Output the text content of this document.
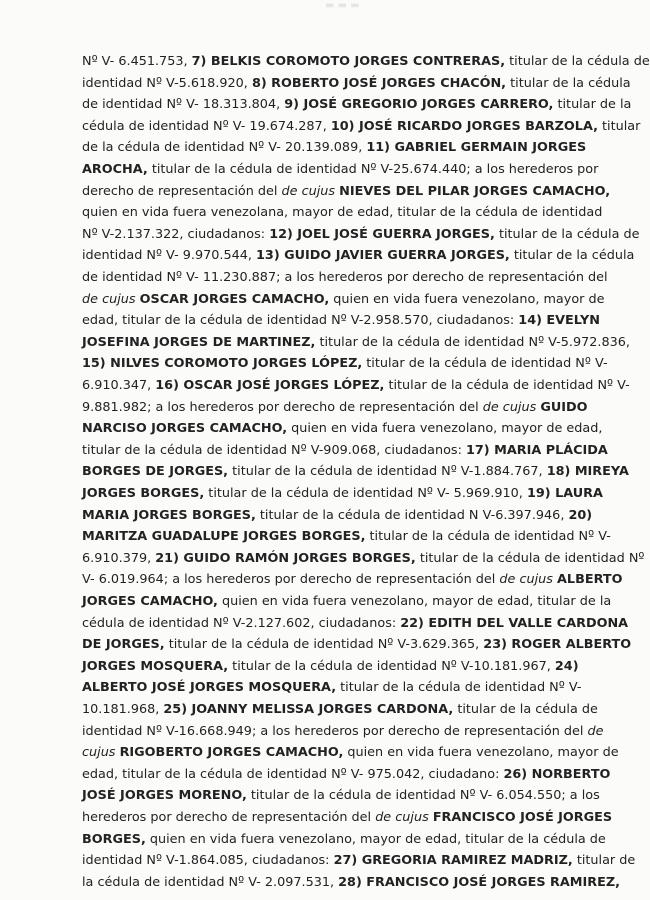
▬ ▬ ▬
Nº V- 6.451.753, 7) BELKIS COROMOTO JORGES CONTRERAS, titular de la cédula de
identidad Nº V-5.618.920, 8) ROBERTO JOSÉ JORGES CHACÓN, titular de la cédula
de identidad Nº V- 18.313.804, 9) JOSÉ GREGORIO JORGES CARRERO, titular de la
cédula de identidad Nº V- 19.674.287, 10) JOSÉ RICARDO JORGES BARZOLA, titular
de la cédula de identidad Nº V- 20.139.089, 11) GABRIEL GERMAIN JORGES
AROCHA, titular de la cédula de identidad Nº V-25.674.440; a los herederos por
derecho de representación del de cujus NIEVES DEL PILAR JORGES CAMACHO,
quien en vida fuera venezolana, mayor de edad, titular de la cédula de identidad
Nº V-2.137.322, ciudadanos: 12) JOEL JOSÉ GUERRA JORGES, titular de la cédula de
identidad Nº V- 9.970.544, 13) GUIDO JAVIER GUERRA JORGES, titular de la cédula
de identidad Nº V- 11.230.887; a los herederos por derecho de representación del
de cujus OSCAR JORGES CAMACHO, quien en vida fuera venezolano, mayor de
edad, titular de la cédula de identidad Nº V-2.958.570, ciudadanos: 14) EVELYN
JOSEFINA JORGES DE MARTINEZ, titular de la cédula de identidad Nº V-5.972.836,
15) NILVES COROMOTO JORGES LÓPEZ, titular de la cédula de identidad Nº V-
6.910.347, 16) OSCAR JOSÉ JORGES LÓPEZ, titular de la cédula de identidad Nº V-
9.881.982; a los herederos por derecho de representación del de cujus GUIDO
NARCISO JORGES CAMACHO, quien en vida fuera venezolano, mayor de edad,
titular de la cédula de identidad Nº V-909.068, ciudadanos: 17) MARIA PLÁCIDA
BORGES DE JORGES, titular de la cédula de identidad Nº V-1.884.767, 18) MIREYA
JORGES BORGES, titular de la cédula de identidad Nº V- 5.969.910, 19) LAURA
MARIA JORGES BORGES, titular de la cédula de identidad N V-6.397.946, 20)
MARITZA GUADALUPE JORGES BORGES, titular de la cédula de identidad Nº V-
6.910.379, 21) GUIDO RAMÓN JORGES BORGES, titular de la cédula de identidad Nº
V- 6.019.964; a los herederos por derecho de representación del de cujus ALBERTO
JORGES CAMACHO, quien en vida fuera venezolano, mayor de edad, titular de la
cédula de identidad Nº V-2.127.602, ciudadanos: 22) EDITH DEL VALLE CARDONA
DE JORGES, titular de la cédula de identidad Nº V-3.629.365, 23) ROGER ALBERTO
JORGES MOSQUERA, titular de la cédula de identidad Nº V-10.181.967, 24)
ALBERTO JOSÉ JORGES MOSQUERA, titular de la cédula de identidad Nº V-
10.181.968, 25) JOANNY MELISSA JORGES CARDONA, titular de la cédula de
identidad Nº V-16.668.949; a los herederos por derecho de representación del de
cujus RIGOBERTO JORGES CAMACHO, quien en vida fuera venezolano, mayor de
edad, titular de la cédula de identidad Nº V- 975.042, ciudadano: 26) NORBERTO
JOSÉ JORGES MORENO, titular de la cédula de identidad Nº V- 6.054.550; a los
herederos por derecho de representación del de cujus FRANCISCO JOSÉ JORGES
BORGES, quien en vida fuera venezolano, mayor de edad, titular de la cédula de
identidad Nº V-1.864.085, ciudadanos: 27) GREGORIA RAMIREZ MADRIZ, titular de
la cédula de identidad Nº V- 2.097.531, 28) FRANCISCO JOSÉ JORGES RAMIREZ,
